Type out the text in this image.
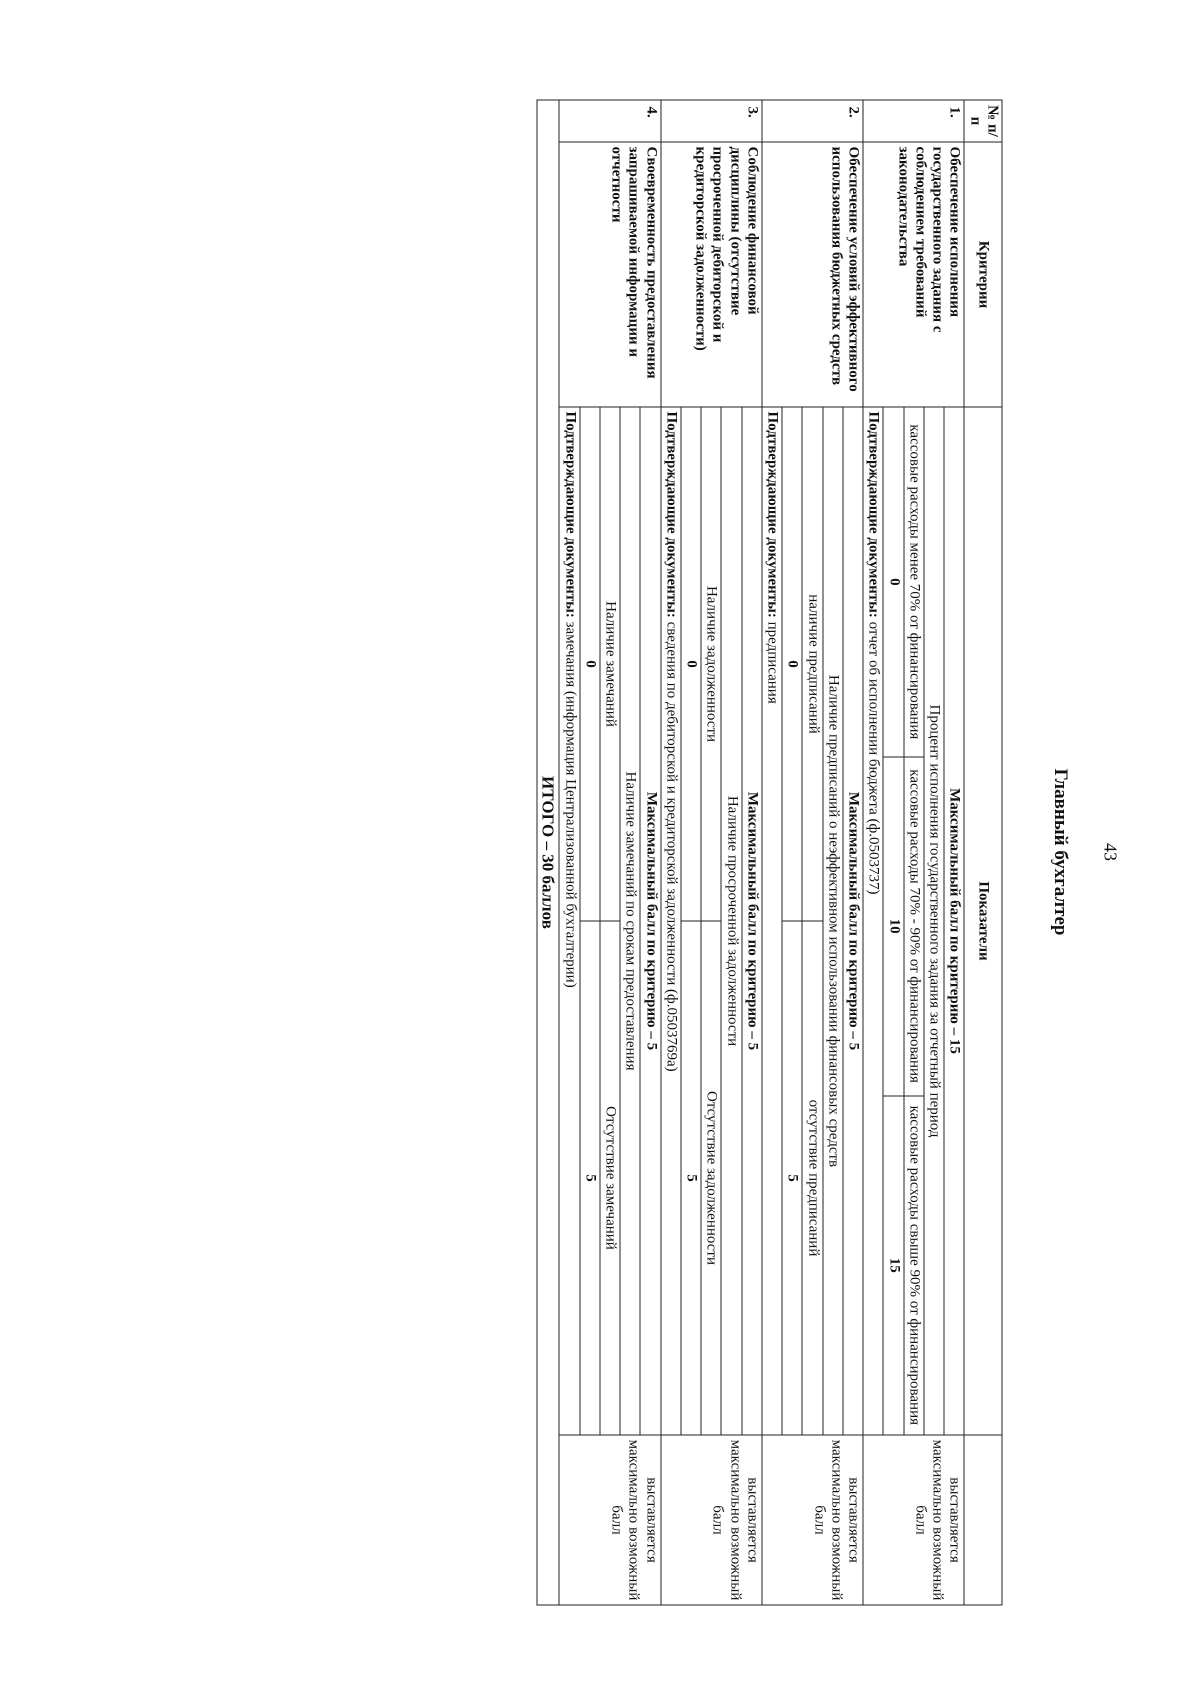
43
Главный бухгалтер
№ п/п	Критерии	Показатели	
1.	Обеспечение исполнения государственного задания с соблюдением требований законодательства	
Максимальный балл по критерию – 15
Процент исполнения государственного задания за отчетный период
кассовые расходы менее 70% от финансирования	кассовые расходы 70% - 90% от финансирования	кассовые расходы свыше 90% от финансирования
0	10	15
Подтверждающие документы: отчет об исполнении бюджета (ф.0503737)
	выставляется максимально возможный балл
2.	Обеспечение условий эффективного использования бюджетных средств	
Максимальный балл по критерию – 5
Наличие предписаний о неэффективном использовании финансовых средств
наличие предписаний	отсутствие предписаний
0	5
Подтверждающие документы: предписания
	выставляется максимально возможный балл
3.	Соблюдение финансовой дисциплины (отсутствие просроченной дебиторской и кредиторской задолженности)	
Максимальный балл по критерию – 5
Наличие просроченной задолженности
Наличие задолженности	Отсутствие задолженности
0	5
Подтверждающие документы: сведения по дебиторской и кредиторской задолженности (ф.0503769а)
	выставляется максимально возможный балл
4.	Своевременность предоставления запрашиваемой информации и отчетности	
Максимальный балл по критерию – 5
Наличие замечаний по срокам предоставления
Наличие замечаний	Отсутствие замечаний
0	5
Подтверждающие документы: замечания (информация Централизованной бухгалтерии)
	выставляется максимально возможный балл
ИТОГО – 30 баллов
